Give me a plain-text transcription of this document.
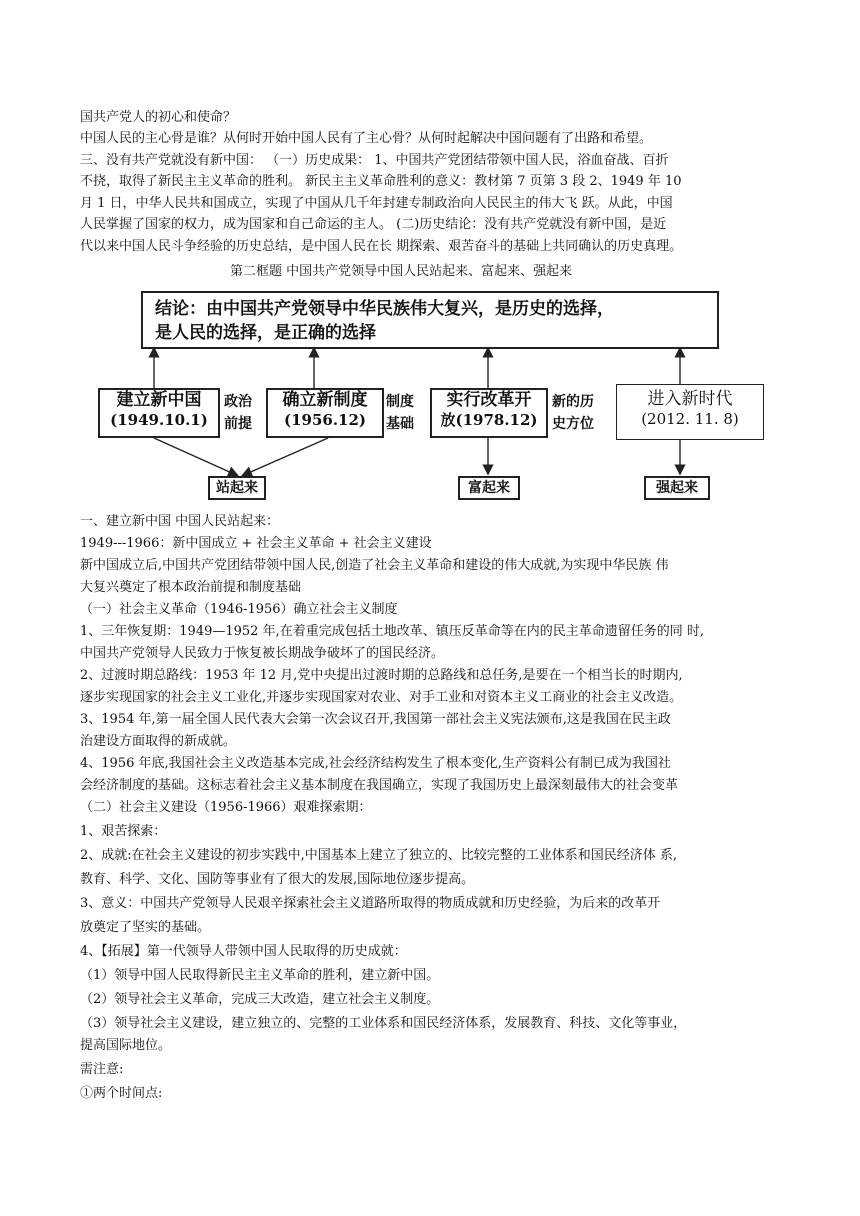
国共产党人的初心和使命？
中国人民的主心骨是谁？从何时开始中国人民有了主心骨？从何时起解决中国问题有了出路和希望。
三、没有共产党就没有新中国： （一）历史成果： 1、中国共产党团结带领中国人民，浴血奋战、百折
不挠，取得了新民主主义革命的胜利。 新民主主义革命胜利的意义：教材第 7 页第 3 段 2、1949 年 10
月 1 日，中华人民共和国成立，实现了中国从几千年封建专制政治向人民民主的伟大飞 跃。从此，中国
人民掌握了国家的权力，成为国家和自己命运的主人。 (二)历史结论：没有共产党就没有新中国，是近
代以来中国人民斗争经验的历史总结，是中国人民在长 期探索、艰苦奋斗的基础上共同确认的历史真理。
第二框题 中国共产党领导中国人民站起来、富起来、强起来
结论：由中国共产党领导中华民族伟大复兴，是历史的选择，
是人民的选择，是正确的选择
建立新中国
(1949.10.1)
政治
前提
确立新制度
(1956.12)
制度
基础
实行改革开
放(1978.12)
新的历
史方位
进入新时代
(2012. 11. 8)
站起来	富起来	强起来
一、建立新中国 中国人民站起来：
1949---1966：新中国成立 + 社会主义革命 + 社会主义建设
新中国成立后,中国共产党团结带领中国人民,创造了社会主义革命和建设的伟大成就,为实现中华民族 伟
大复兴奠定了根本政治前提和制度基础
（一）社会主义革命（1946-1956）确立社会主义制度
1、三年恢复期：1949—1952 年,在着重完成包括土地改革、镇压反革命等在内的民主革命遗留任务的同 时,
中国共产党领导人民致力于恢复被长期战争破坏了的国民经济。
2、过渡时期总路线：1953 年 12 月,党中央提出过渡时期的总路线和总任务,是要在一个相当长的时期内,
逐步实现国家的社会主义工业化,并逐步实现国家对农业、对手工业和对资本主义工商业的社会主义改造。
3、1954 年,第一届全国人民代表大会第一次会议召开,我国第一部社会主义宪法颁布,这是我国在民主政
治建设方面取得的新成就。
4、1956 年底,我国社会主义改造基本完成,社会经济结构发生了根本变化,生产资料公有制已成为我国社
会经济制度的基础。这标志着社会主义基本制度在我国确立，实现了我国历史上最深刻最伟大的社会变革
（二）社会主义建设（1956-1966）艰难探索期：
1、艰苦探索：
2、成就:在社会主义建设的初步实践中,中国基本上建立了独立的、比较完整的工业体系和国民经济体 系,
教育、科学、文化、国防等事业有了很大的发展,国际地位逐步提高。
3、意义：中国共产党领导人民艰辛探索社会主义道路所取得的物质成就和历史经验，为后来的改革开
放奠定了坚实的基础。
4、【拓展】第一代领导人带领中国人民取得的历史成就：
（1）领导中国人民取得新民主主义革命的胜利，建立新中国。
（2）领导社会主义革命，完成三大改造，建立社会主义制度。
（3）领导社会主义建设，建立独立的、完整的工业体系和国民经济体系，发展教育、科技、文化等事业，
提高国际地位。
需注意:
①两个时间点:
